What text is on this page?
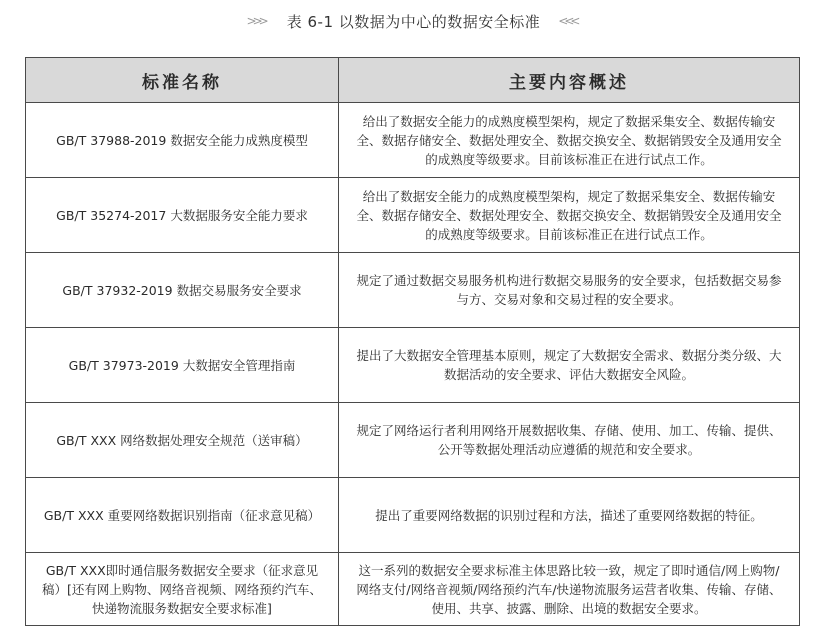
>>> 表 6-1 以数据为中心的数据安全标准 <<<
标准名称	主要内容概述
GB/T 37988-2019 数据安全能力成熟度模型	给出了数据安全能力的成熟度模型架构，规定了数据采集安全、数据传输安全、数据存储安全、数据处理安全、数据交换安全、数据销毁安全及通用安全的成熟度等级要求。目前该标准正在进行试点工作。
GB/T 35274-2017 大数据服务安全能力要求	给出了数据安全能力的成熟度模型架构，规定了数据采集安全、数据传输安全、数据存储安全、数据处理安全、数据交换安全、数据销毁安全及通用安全的成熟度等级要求。目前该标准正在进行试点工作。
GB/T 37932-2019 数据交易服务安全要求	规定了通过数据交易服务机构进行数据交易服务的安全要求，包括数据交易参与方、交易对象和交易过程的安全要求。
GB/T 37973-2019 大数据安全管理指南	提出了大数据安全管理基本原则，规定了大数据安全需求、数据分类分级、大数据活动的安全要求、评估大数据安全风险。
GB/T XXX 网络数据处理安全规范（送审稿）	规定了网络运行者利用网络开展数据收集、存储、使用、加工、传输、提供、公开等数据处理活动应遵循的规范和安全要求。
GB/T XXX 重要网络数据识别指南（征求意见稿）	提出了重要网络数据的识别过程和方法，描述了重要网络数据的特征。
GB/T XXX即时通信服务数据安全要求（征求意见稿）[还有网上购物、网络音视频、网络预约汽车、快递物流服务数据安全要求标准]	这一系列的数据安全要求标准主体思路比较一致，规定了即时通信/网上购物/网络支付/网络音视频/网络预约汽车/快递物流服务运营者收集、传输、存储、使用、共享、披露、删除、出境的数据安全要求。
